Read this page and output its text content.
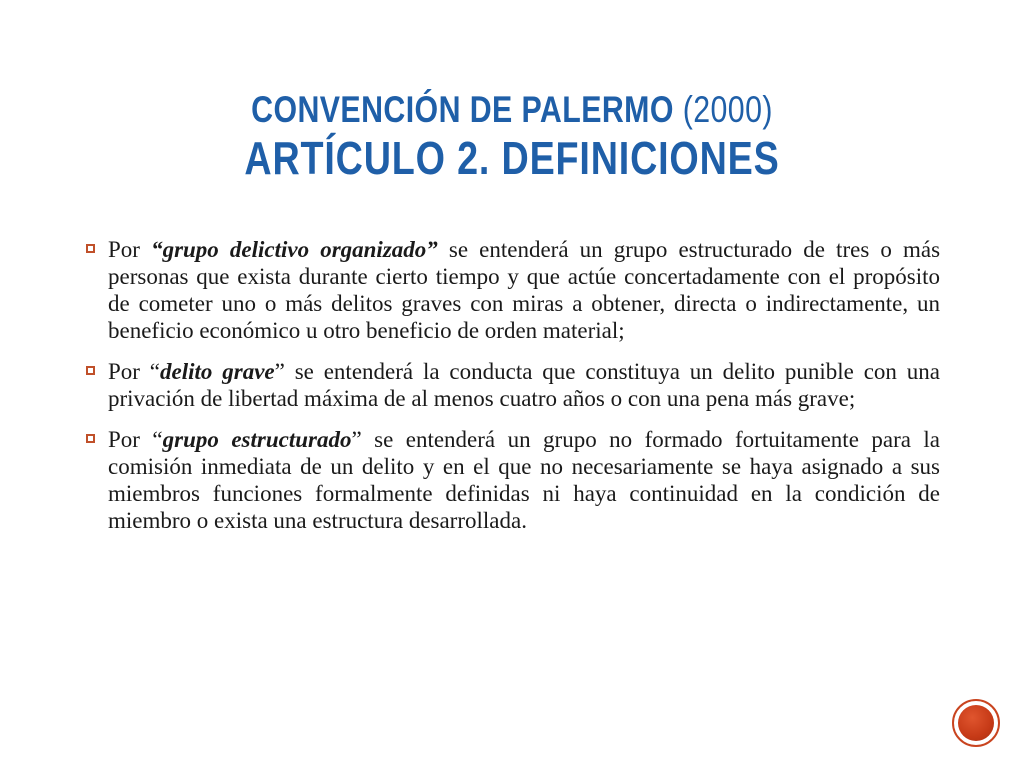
CONVENCIÓN DE PALERMO (2000)
ARTÍCULO 2. DEFINICIONES
Por “grupo delictivo organizado” se entenderá un grupo estructurado de tres o más personas que exista durante cierto tiempo y que actúe concertadamente con el propósito de cometer uno o más delitos graves con miras a obtener, directa o indirectamente, un beneficio económico u otro beneficio de orden material;
Por “delito grave” se entenderá la conducta que constituya un delito punible con una privación de libertad máxima de al menos cuatro años o con una pena más grave;
Por “grupo estructurado” se entenderá un grupo no formado fortuitamente para la comisión inmediata de un delito y en el que no necesariamente se haya asignado a sus miembros funciones formalmente definidas ni haya continuidad en la condición de miembro o exista una estructura desarrollada.
